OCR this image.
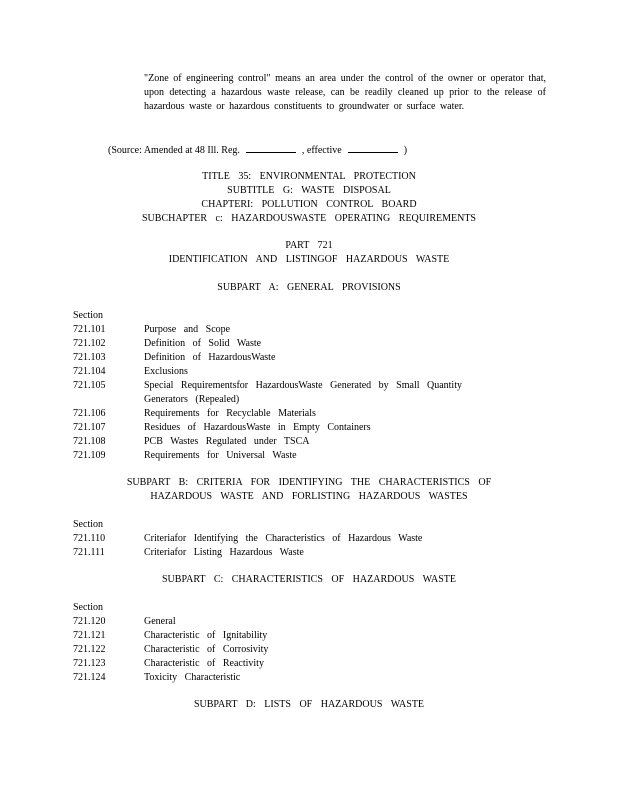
"Zone of engineering control" means an area under the control of the owner or operator that, upon detecting a hazardous waste release, can be readily cleaned up prior to the release of hazardous waste or hazardous constituents to groundwater or surface water.

(Source: Amended at 48 Ill. Reg.	, effective	)
TITLE 35: ENVIRONMENTAL PROTECTION
SUBTITLE G: WASTE DISPOSAL
CHAPTERI: POLLUTION CONTROL BOARD
SUBCHAPTER c: HAZARDOUSWASTE OPERATING REQUIREMENTS
PART 721
IDENTIFICATION AND LISTINGOF HAZARDOUS WASTE
SUBPART A: GENERAL PROVISIONS
Section
721.101	Purpose and Scope
721.102	Definition of Solid Waste
721.103	Definition of HazardousWaste
721.104	Exclusions
721.105	Special Requirementsfor HazardousWaste Generated by Small Quantity
Generators (Repealed)
721.106	Requirements for Recyclable Materials
721.107	Residues of HazardousWaste in Empty Containers
721.108	PCB Wastes Regulated under TSCA
721.109	Requirements for Universal Waste
SUBPART B: CRITERIA FOR IDENTIFYING THE CHARACTERISTICS OF
HAZARDOUS WASTE AND FORLISTING HAZARDOUS WASTES
Section
721.110	Criteriafor Identifying the Characteristics of Hazardous Waste
721.111	Criteriafor Listing Hazardous Waste
SUBPART C: CHARACTERISTICS OF HAZARDOUS WASTE
Section
721.120	General
721.121	Characteristic of Ignitability
721.122	Characteristic of Corrosivity
721.123	Characteristic of Reactivity
721.124	Toxicity Characteristic
SUBPART D: LISTS OF HAZARDOUS WASTE
